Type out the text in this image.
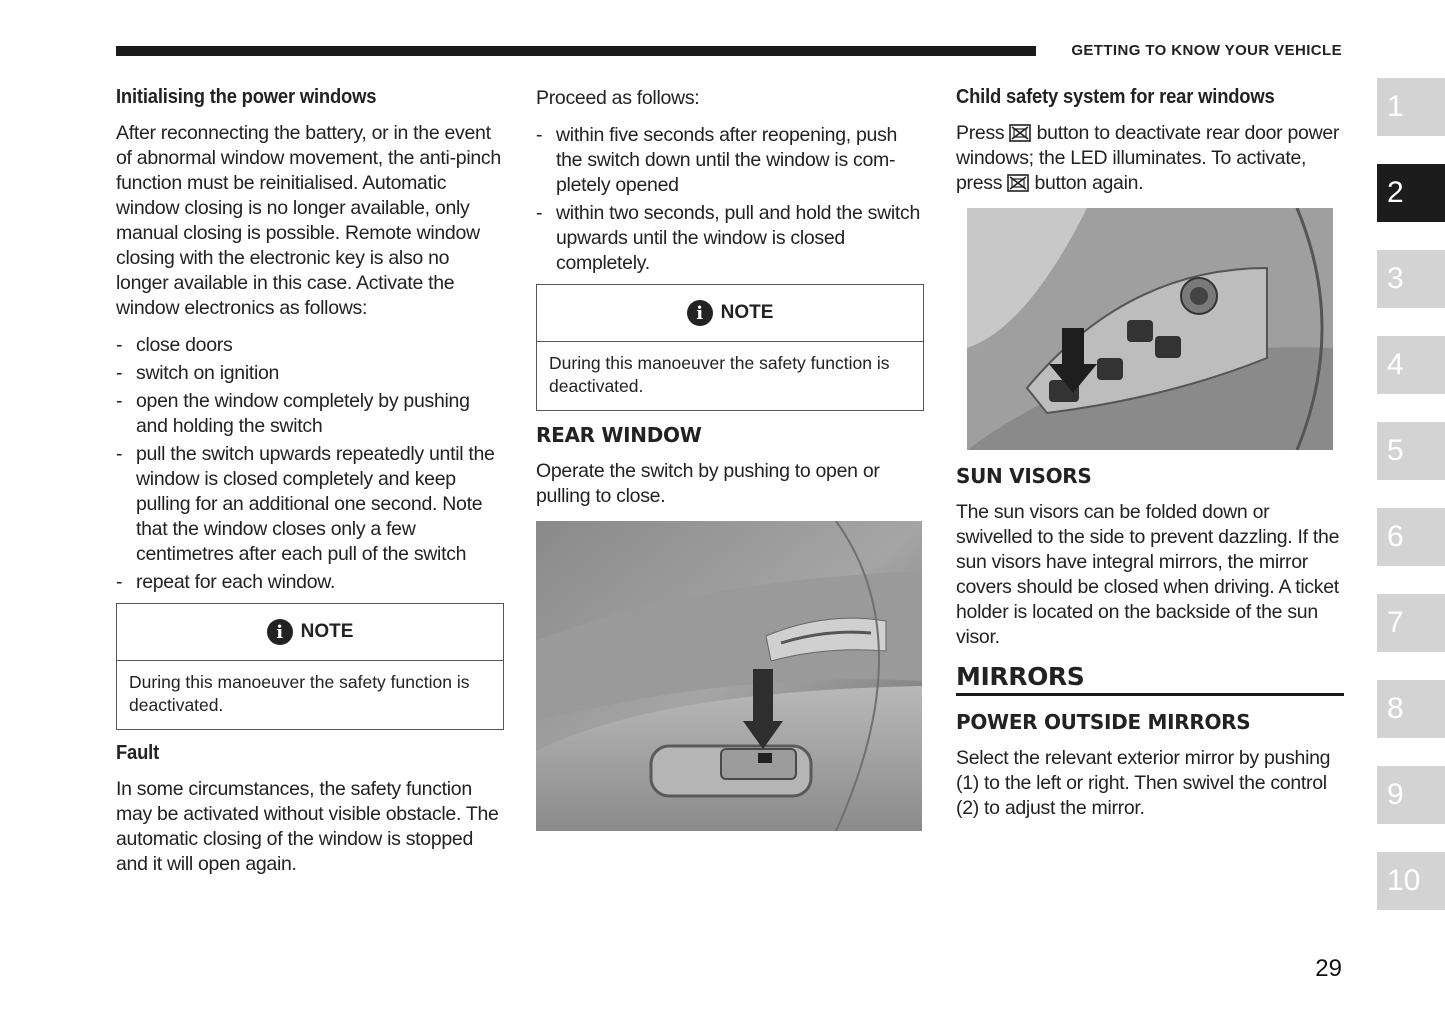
GETTING TO KNOW YOUR VEHICLE
Initialising the power windows

After reconnecting the battery, or in the event of abnormal window movement, the anti-pinch function must be reinitialised. Automatic window closing is no longer available, only manual closing is possible. Remote window closing with the electronic key is also no longer available in this case. Activate the window electronics as follows:

- close doors
- switch on ignition
- open the window completely by pushing and holding the switch
- pull the switch upwards repeatedly until the window is closed completely and keep pulling for an additional one second. Note that the window closes only a few centimetres after each pull of the switch
- repeat for each window.
i NOTE
During this manoeuver the safety function is deactivated.
Fault

In some circumstances, the safety function may be activated without visible obstacle. The automatic closing of the window is stopped and it will open again.

Proceed as follows:

- within five seconds after reopening, push the switch down until the window is com- pletely opened
- within two seconds, pull and hold the switch upwards until the window is closed completely.
i NOTE
During this manoeuver the safety function is deactivated.
REAR WINDOW

Operate the switch by pushing to open or pulling to close.

Child safety system for rear windows

Press button to deactivate rear door power windows; the LED illuminates. To activate, press button again.

SUN VISORS

The sun visors can be folded down or swivelled to the side to prevent dazzling. If the sun visors have integral mirrors, the mirror covers should be closed when driving. A ticket holder is located on the backside of the sun visor.

MIRRORS
POWER OUTSIDE MIRRORS

Select the relevant exterior mirror by pushing (1) to the left or right. Then swivel the control (2) to adjust the mirror.

1
2
3
4
5
6
7
8
9
10
29
